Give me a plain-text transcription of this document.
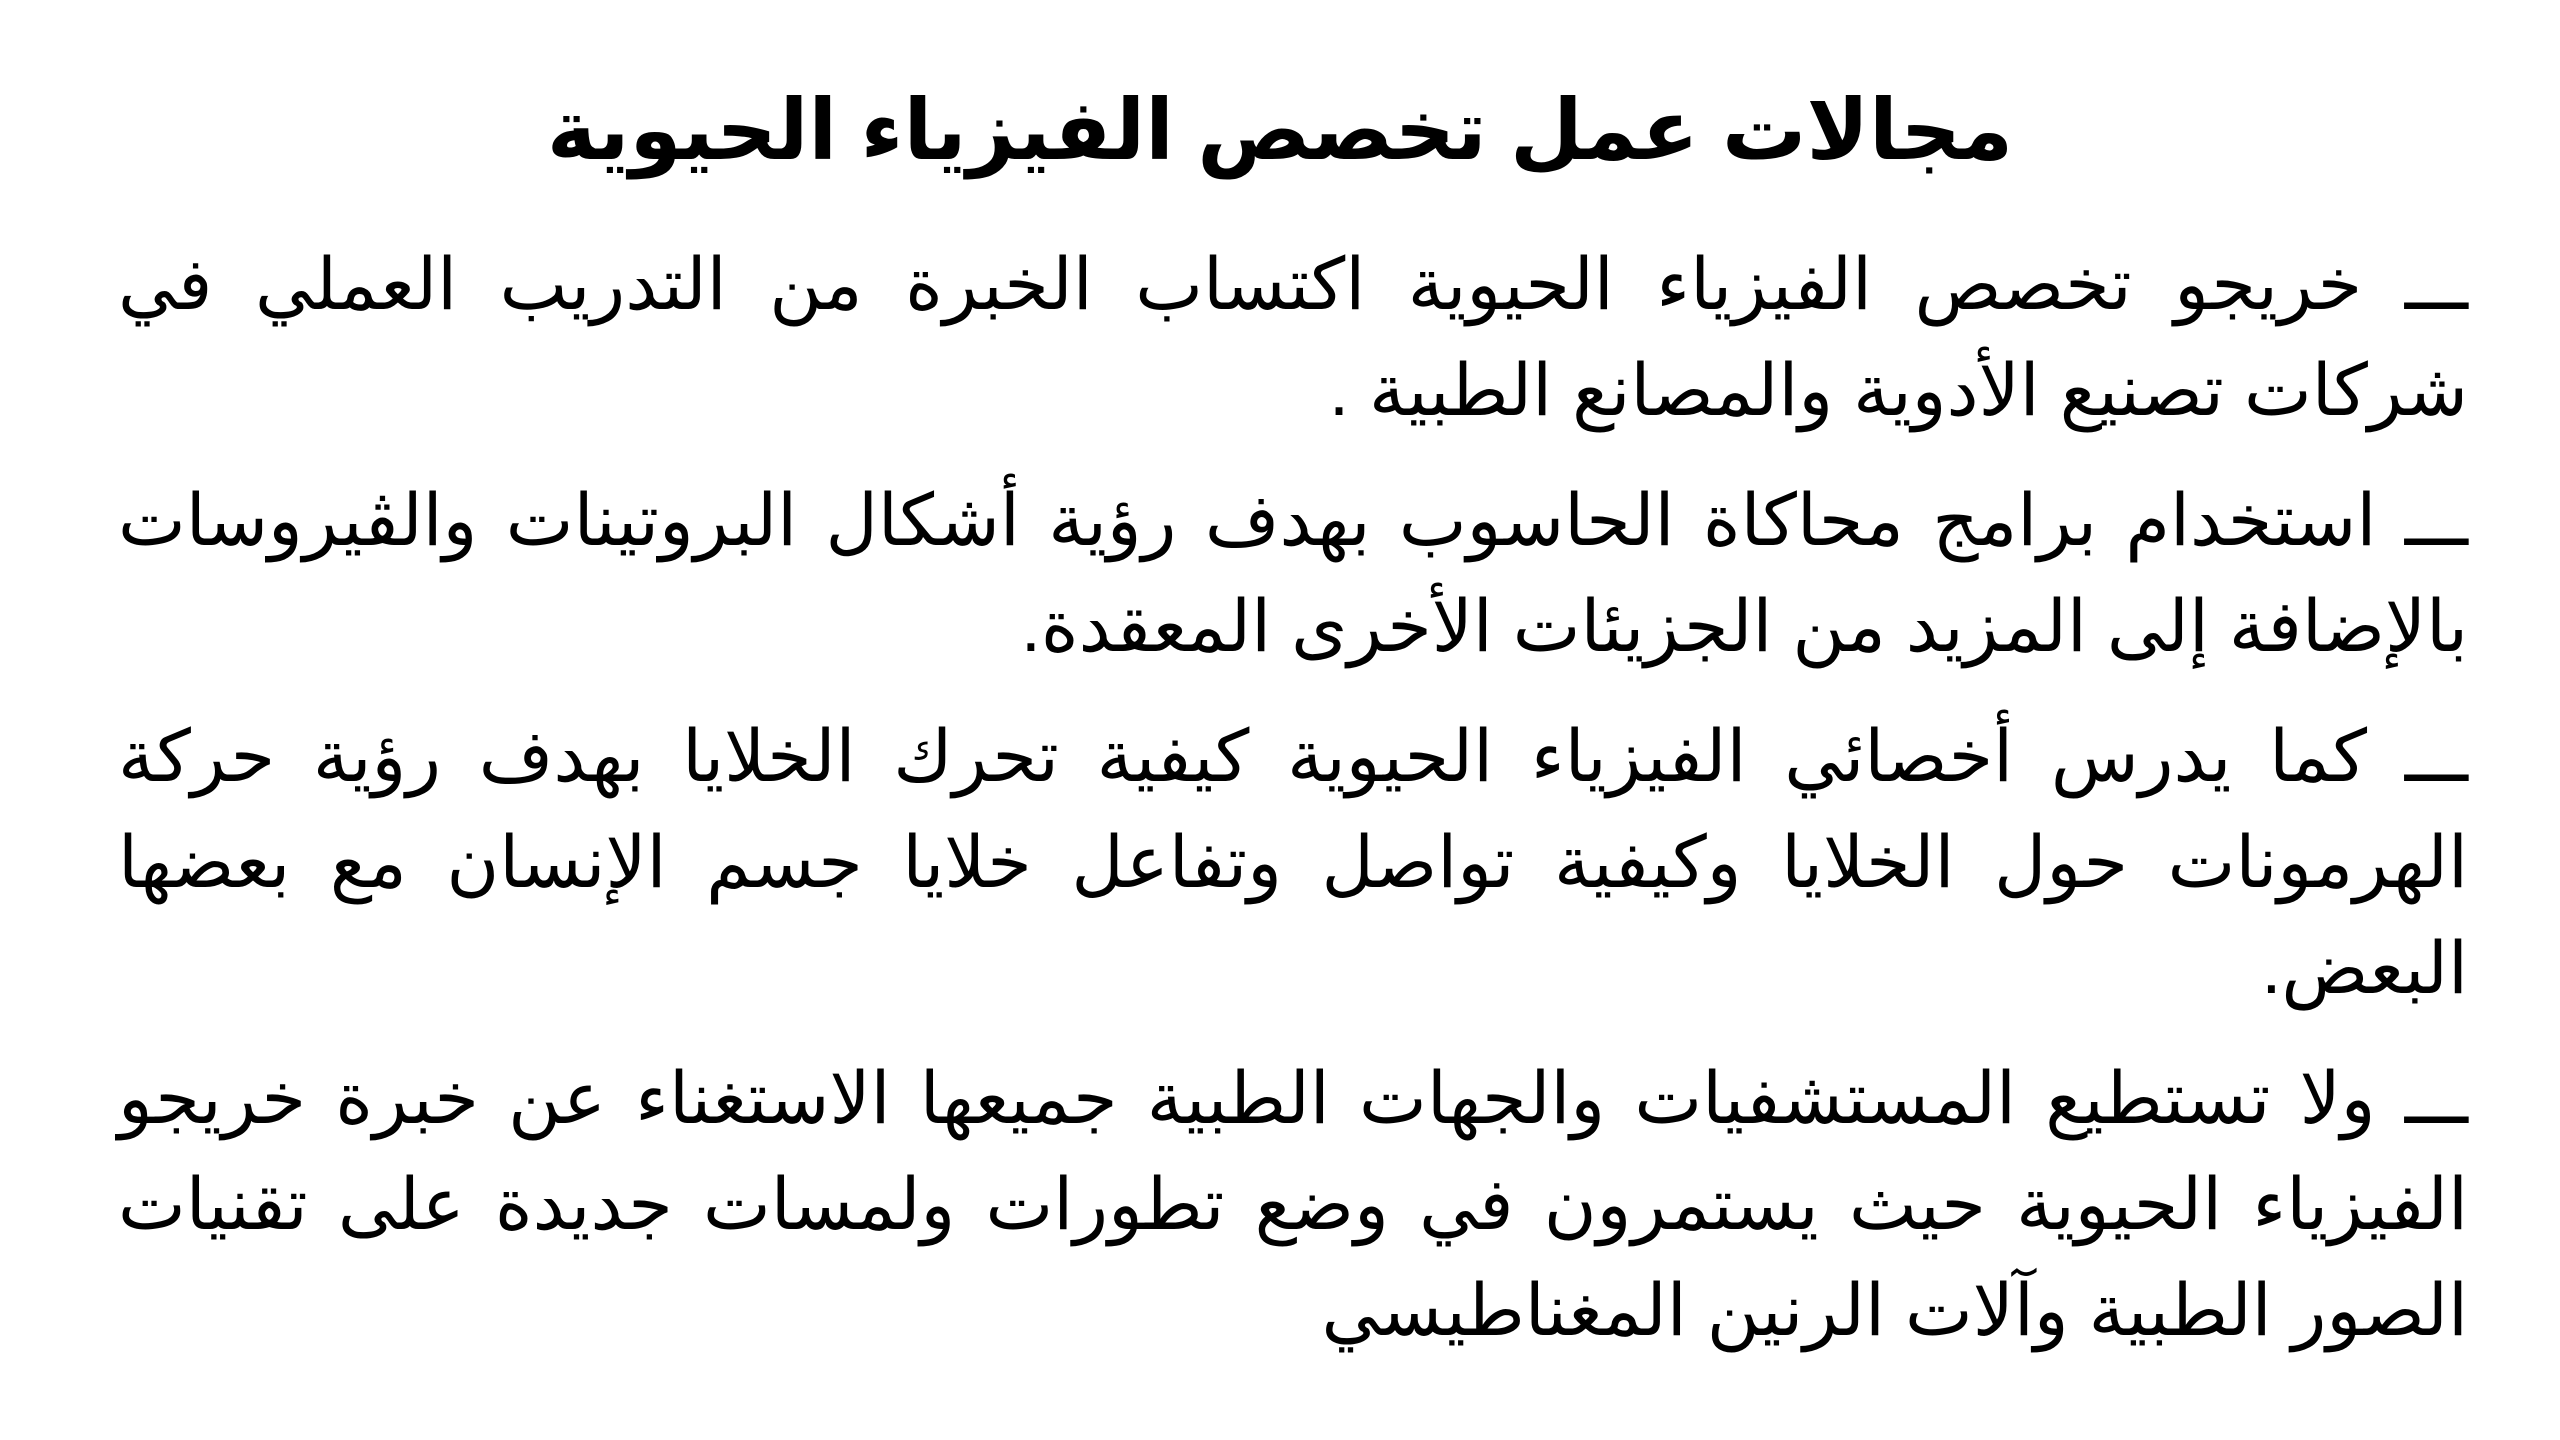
مجالات عمل تخصص الفيزياء الحيوية

ـــ خريجو تخصص الفيزياء الحيوية اكتساب الخبرة من التدريب العملي في شركات تصنيع الأدوية والمصانع الطبية .

ـــ استخدام برامج محاكاة الحاسوب بهدف رؤية أشكال البروتينات والڤيروسات بالإضافة إلى المزيد من الجزيئات الأخرى المعقدة.

ـــ كما يدرس أخصائي الفيزياء الحيوية كيفية تحرك الخلايا بهدف رؤية حركة الهرمونات حول الخلايا وكيفية تواصل وتفاعل خلايا جسم الإنسان مع بعضها البعض.

ـــ ولا تستطيع المستشفيات والجهات الطبية جميعها الاستغناء عن خبرة خريجو الفيزياء الحيوية حيث يستمرون في وضع تطورات ولمسات جديدة على تقنيات الصور الطبية وآلات الرنين المغناطيسي
